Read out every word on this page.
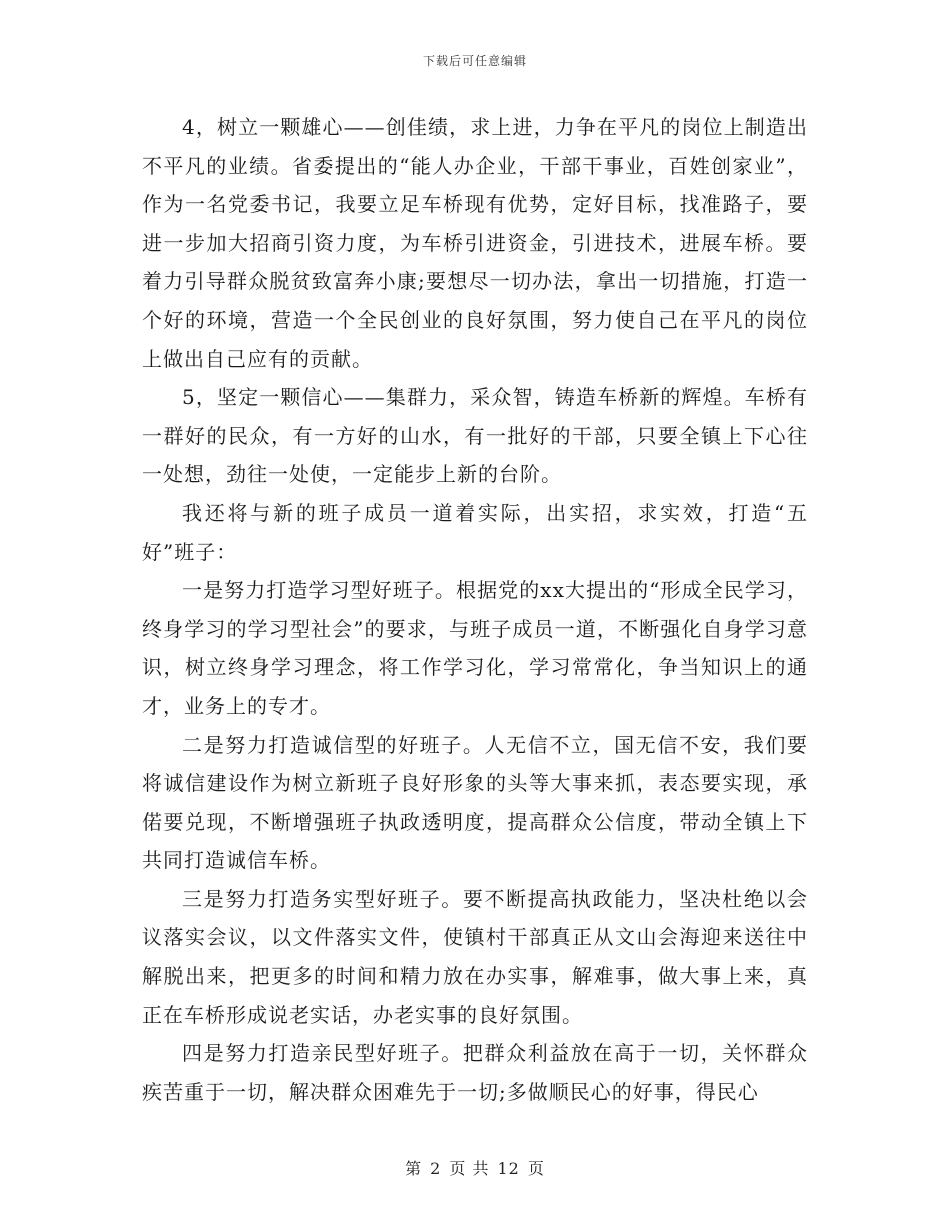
下载后可任意编辑

4，树立一颗雄心——创佳绩，求上进，力争在平凡的岗位上制造出不平凡的业绩。省委提出的“能人办企业，干部干事业，百姓创家业”，作为一名党委书记，我要立足车桥现有优势，定好目标，找准路子，要进一步加大招商引资力度，为车桥引进资金，引进技术，进展车桥。要着力引导群众脱贫致富奔小康;要想尽一切办法，拿出一切措施，打造一个好的环境，营造一个全民创业的良好氛围，努力使自己在平凡的岗位上做出自己应有的贡献。

5，坚定一颗信心——集群力，采众智，铸造车桥新的辉煌。车桥有一群好的民众，有一方好的山水，有一批好的干部，只要全镇上下心往一处想，劲往一处使，一定能步上新的台阶。

我还将与新的班子成员一道着实际，出实招，求实效，打造“五好”班子：

一是努力打造学习型好班子。根据党的xx大提出的“形成全民学习，终身学习的学习型社会”的要求，与班子成员一道，不断强化自身学习意识，树立终身学习理念，将工作学习化，学习常常化，争当知识上的通才，业务上的专才。

二是努力打造诚信型的好班子。人无信不立，国无信不安，我们要将诚信建设作为树立新班子良好形象的头等大事来抓，表态要实现，承偌要兑现，不断增强班子执政透明度，提高群众公信度，带动全镇上下共同打造诚信车桥。

三是努力打造务实型好班子。要不断提高执政能力，坚决杜绝以会议落实会议，以文件落实文件，使镇村干部真正从文山会海迎来送往中解脱出来，把更多的时间和精力放在办实事，解难事，做大事上来，真正在车桥形成说老实话，办老实事的良好氛围。

四是努力打造亲民型好班子。把群众利益放在高于一切，关怀群众疾苦重于一切，解决群众困难先于一切;多做顺民心的好事，得民心

第 2 页 共 12 页
